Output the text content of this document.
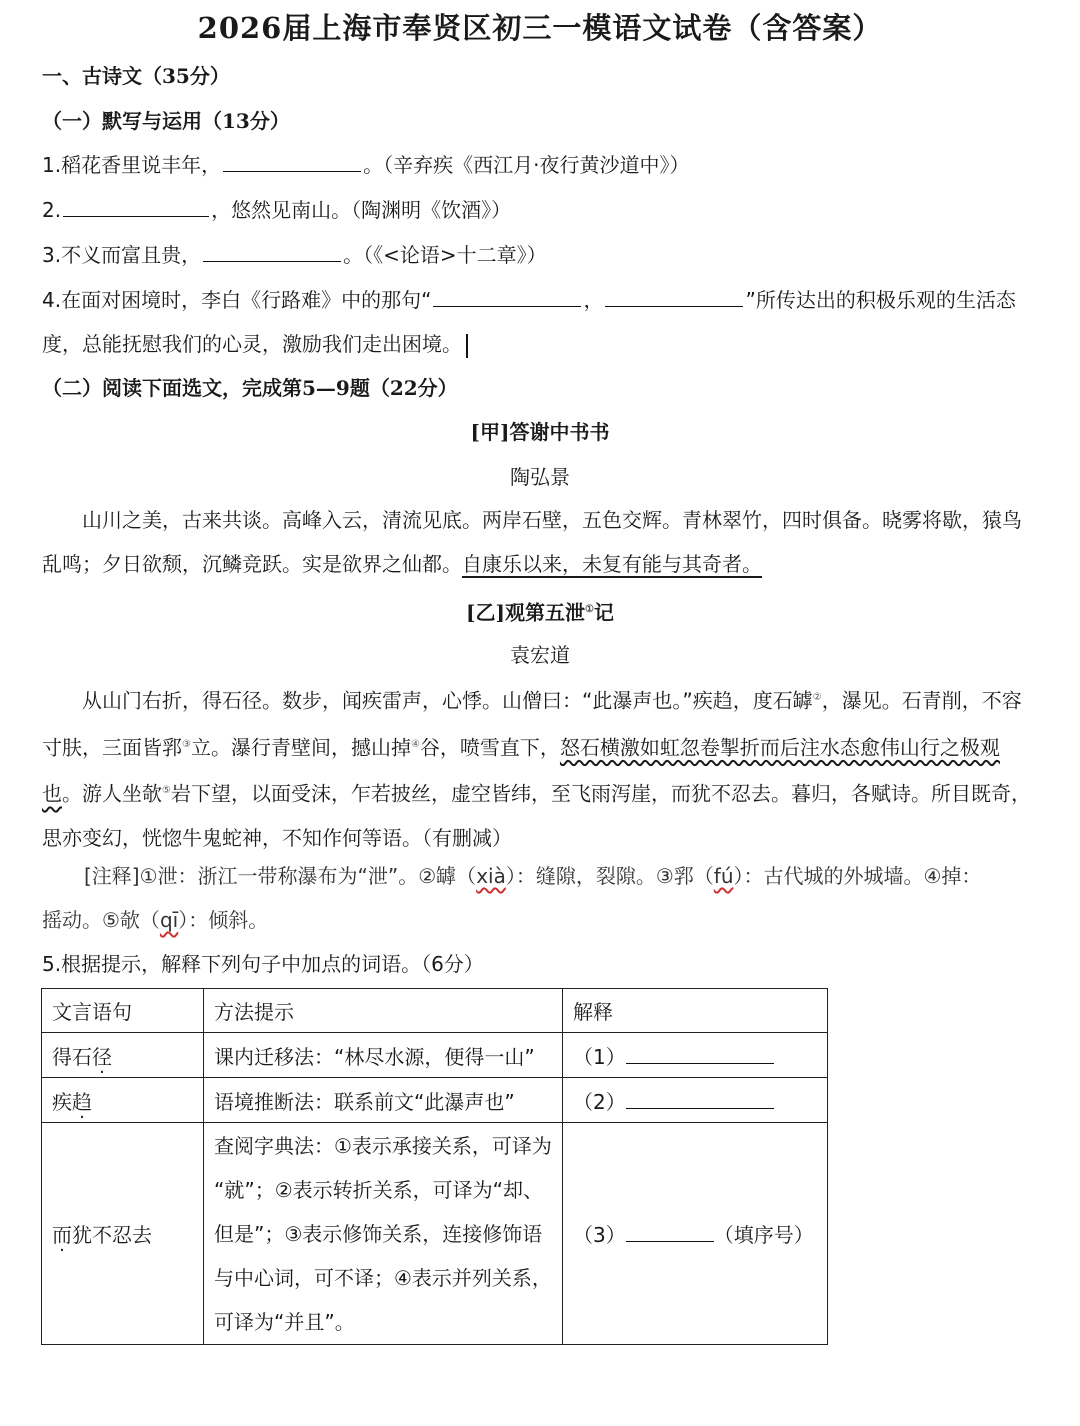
2026届上海市奉贤区初三一模语文试卷（含答案）
一、古诗文（35分）
（一）默写与运用（13分）
1.稻花香里说丰年，	。（辛弃疾《西江月·夜行黄沙道中》）
2.	，悠然见南山。（陶渊明《饮酒》）
3.不义而富且贵，	。（《<论语>十二章》）
4.在面对困境时，李白《行路难》中的那句“	，	”所传达出的积极乐观的生活态
度，总能抚慰我们的心灵，激励我们走出困境。
（二）阅读下面选文，完成第5—9题（22分）
[甲]答谢中书书
陶弘景
山川之美，古来共谈。高峰入云，清流见底。两岸石壁，五色交辉。青林翠竹，四时俱备。晓雾将歇，猿鸟乱鸣；夕日欲颓，沉鳞竞跃。实是欲界之仙都。自康乐以来，未复有能与其奇者。
[乙]观第五泄①记
袁宏道
从山门右折，得石径。数步，闻疾雷声，心悸。山僧曰：“此瀑声也。”疾趋，度石罅②，瀑见。石青削，不容寸肤，三面皆郛③立。瀑行青壁间，撼山掉④谷，喷雪直下，怒石横激如虹忽卷掣折而后注水态愈伟山行之极观也。游人坐欹⑤岩下望，以面受沫，乍若披丝，虚空皆纬，至飞雨泻崖，而犹不忍去。暮归，各赋诗。所目既奇，思亦变幻，恍惚牛鬼蛇神，不知作何等语。（有删减）
[注释]①泄：浙江一带称瀑布为“泄”。②罅（xià）：缝隙，裂隙。③郛（fú）：古代城的外城墙。④掉：
摇动。⑤欹（qī）：倾斜。
5.根据提示，解释下列句子中加点的词语。（6分）
文言语句	方法提示	解释
得石径	课内迁移法：“林尽水源，便得一山”	（1）
疾趋	语境推断法：联系前文“此瀑声也”	（2）
而犹不忍去	查阅字典法：①表示承接关系，可译为
“就”；②表示转折关系，可译为“却、
但是”；③表示修饰关系，连接修饰语
与中心词，可不译；④表示并列关系，
可译为“并且”。	（3） （填序号）
